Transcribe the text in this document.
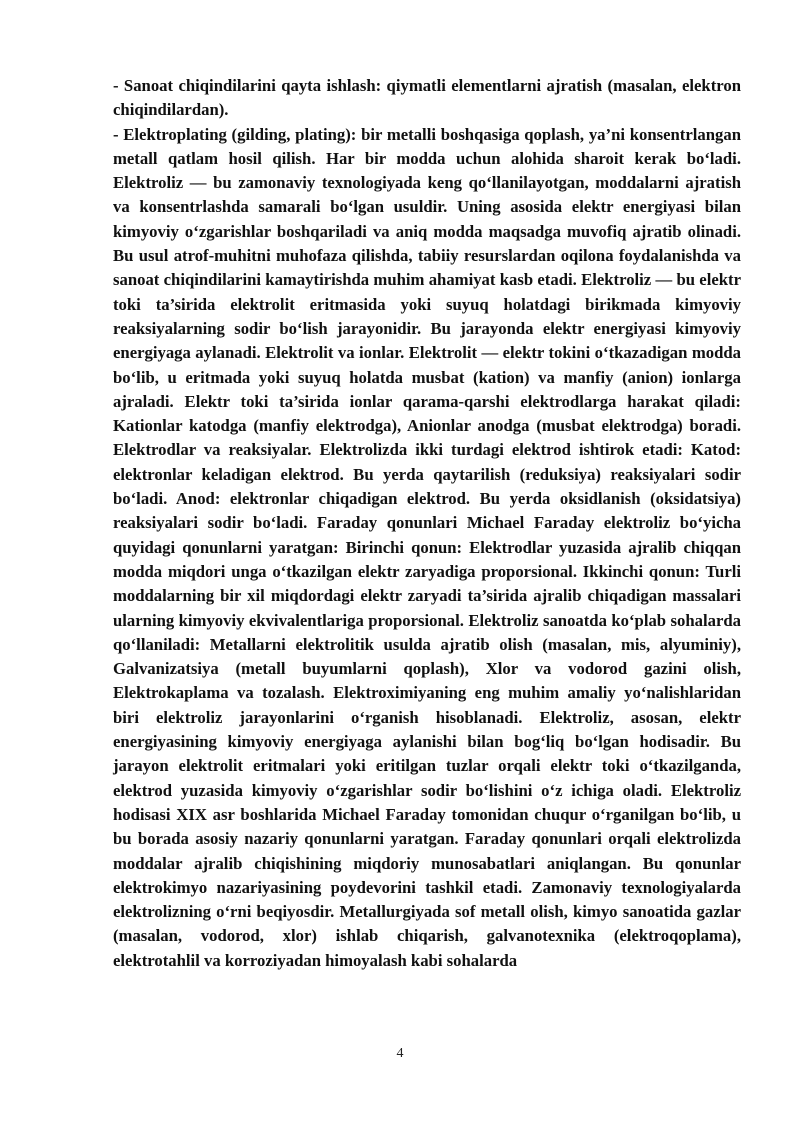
- Sanoat chiqindilarini qayta ishlash: qiymatli elementlarni ajratish (masalan, elektron chiqindilardan).

- Elektroplating (gilding, plating): bir metalli boshqasiga qoplash, ya’ni konsentrlangan metall qatlam hosil qilish. Har bir modda uchun alohida sharoit kerak bo‘ladi. Elektroliz — bu zamonaviy texnologiyada keng qo‘llanilayotgan, moddalarni ajratish va konsentrlashda samarali bo‘lgan usuldir. Uning asosida elektr energiyasi bilan kimyoviy o‘zgarishlar boshqariladi va aniq modda maqsadga muvofiq ajratib olinadi. Bu usul atrof-muhitni muhofaza qilishda, tabiiy resurslardan oqilona foydalanishda va sanoat chiqindilarini kamaytirishda muhim ahamiyat kasb etadi. Elektroliz — bu elektr toki ta’sirida elektrolit eritmasida yoki suyuq holatdagi birikmada kimyoviy reaksiyalarning sodir bo‘lish jarayonidir. Bu jarayonda elektr energiyasi kimyoviy energiyaga aylanadi. Elektrolit va ionlar. Elektrolit — elektr tokini o‘tkazadigan modda bo‘lib, u eritmada yoki suyuq holatda musbat (kation) va manfiy (anion) ionlarga ajraladi. Elektr toki ta’sirida ionlar qarama-qarshi elektrodlarga harakat qiladi: Kationlar katodga (manfiy elektrodga), Anionlar anodga (musbat elektrodga) boradi. Elektrodlar va reaksiyalar. Elektrolizda ikki turdagi elektrod ishtirok etadi: Katod: elektronlar keladigan elektrod. Bu yerda qaytarilish (reduksiya) reaksiyalari sodir bo‘ladi. Anod: elektronlar chiqadigan elektrod. Bu yerda oksidlanish (oksidatsiya) reaksiyalari sodir bo‘ladi. Faraday qonunlari Michael Faraday elektroliz bo‘yicha quyidagi qonunlarni yaratgan: Birinchi qonun: Elektrodlar yuzasida ajralib chiqqan modda miqdori unga o‘tkazilgan elektr zaryadiga proporsional. Ikkinchi qonun: Turli moddalarning bir xil miqdordagi elektr zaryadi ta’sirida ajralib chiqadigan massalari ularning kimyoviy ekvivalentlariga proporsional. Elektroliz sanoatda ko‘plab sohalarda qo‘llaniladi: Metallarni elektrolitik usulda ajratib olish (masalan, mis, alyuminiy), Galvanizatsiya (metall buyumlarni qoplash), Xlor va vodorod gazini olish, Elektrokaplama va tozalash. Elektroximiyaning eng muhim amaliy yo‘nalishlaridan biri elektroliz jarayonlarini o‘rganish hisoblanadi. Elektroliz, asosan, elektr energiyasining kimyoviy energiyaga aylanishi bilan bog‘liq bo‘lgan hodisadir. Bu jarayon elektrolit eritmalari yoki eritilgan tuzlar orqali elektr toki o‘tkazilganda, elektrod yuzasida kimyoviy o‘zgarishlar sodir bo‘lishini o‘z ichiga oladi. Elektroliz hodisasi XIX asr boshlarida Michael Faraday tomonidan chuqur o‘rganilgan bo‘lib, u bu borada asosiy nazariy qonunlarni yaratgan. Faraday qonunlari orqali elektrolizda moddalar ajralib chiqishining miqdoriy munosabatlari aniqlangan. Bu qonunlar elektrokimyo nazariyasining poydevorini tashkil etadi. Zamonaviy texnologiyalarda elektrolizning o‘rni beqiyosdir. Metallurgiyada sof metall olish, kimyo sanoatida gazlar (masalan, vodorod, xlor) ishlab chiqarish, galvanotexnika (elektroqoplama), elektrotahlil va korroziyadan himoyalash kabi sohalarda

4
